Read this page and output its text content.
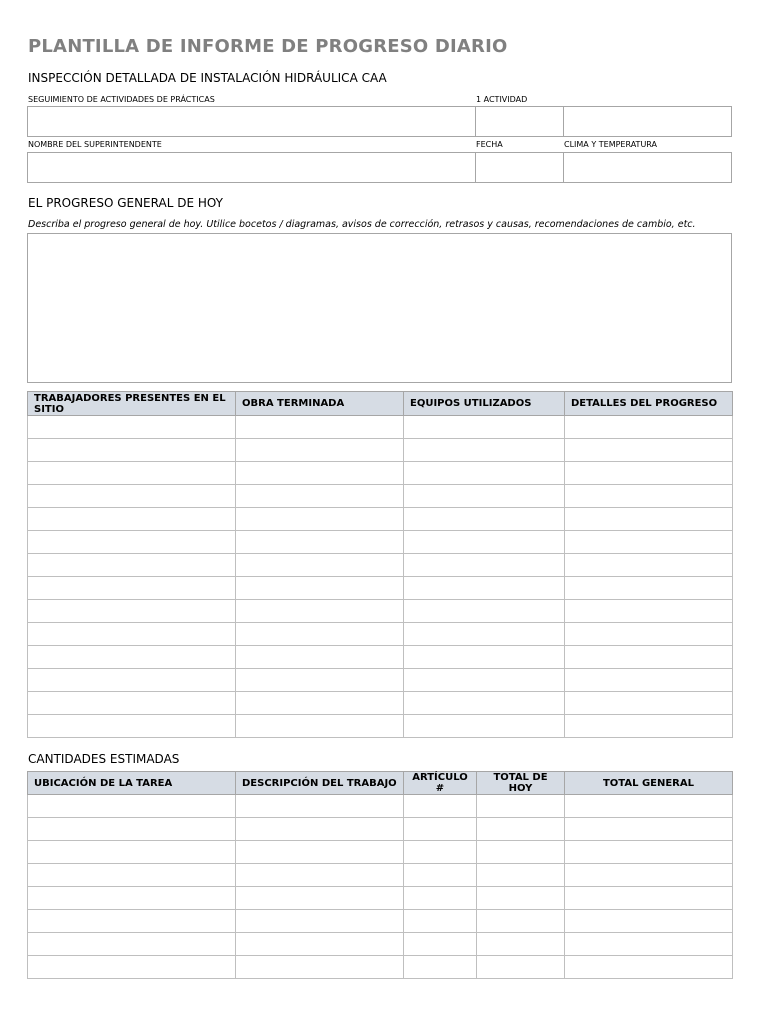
PLANTILLA DE INFORME DE PROGRESO DIARIO
INSPECCIÓN DETALLADA DE INSTALACIÓN HIDRÁULICA CAA
SEGUIMIENTO DE ACTIVIDADES DE PRÁCTICAS	1 ACTIVIDAD
NOMBRE DEL SUPERINTENDENTE	FECHA	CLIMA Y TEMPERATURA
EL PROGRESO GENERAL DE HOY
Describa el progreso general de hoy. Utilice bocetos / diagramas, avisos de corrección, retrasos y causas, recomendaciones de cambio, etc.
TRABAJADORES PRESENTES EN EL SITIO	OBRA TERMINADA	EQUIPOS UTILIZADOS	DETALLES DEL PROGRESO

CANTIDADES ESTIMADAS
UBICACIÓN DE LA TAREA	DESCRIPCIÓN DEL TRABAJO	ARTÍCULO #	TOTAL DE HOY	TOTAL GENERAL
